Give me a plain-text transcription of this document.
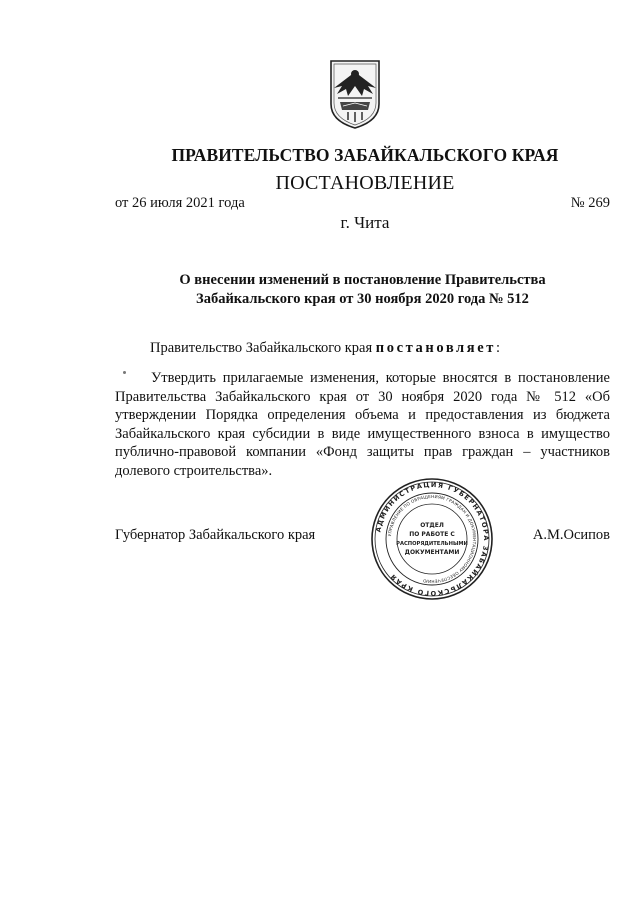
ПРАВИТЕЛЬСТВО ЗАБАЙКАЛЬСКОГО КРАЯ
ПОСТАНОВЛЕНИЕ
от 26 июля 2021 года	№ 269
г. Чита
О внесении изменений в постановление Правительства
Забайкальского края от 30 ноября 2020 года № 512
Правительство Забайкальского края постановляет:
Утвердить прилагаемые изменения, которые вносятся в постановление Правительства Забайкальского края от 30 ноября 2020 года № 512 «Об утверждении Порядка определения объема и предоставления из бюджета Забайкальского края субсидии в виде имущественного взноса в имущество публично-правовой компании «Фонд защиты прав граждан – участников долевого строительства».
Губернатор Забайкальского края	А.М.Осипов
АДМИНИСТРАЦИЯ ГУБЕРНАТОРА ЗАБАЙКАЛЬСКОГО КРАЯ
УПРАВЛЕНИЕ ПО ОБРАЩЕНИЯМ ГРАЖДАН И ДОКУМЕНТАЦИОННОМУ ОБЕСПЕЧЕНИЮ
ОТДЕЛ
ПО РАБОТЕ С
РАСПОРЯДИТЕЛЬНЫМИ
ДОКУМЕНТАМИ
